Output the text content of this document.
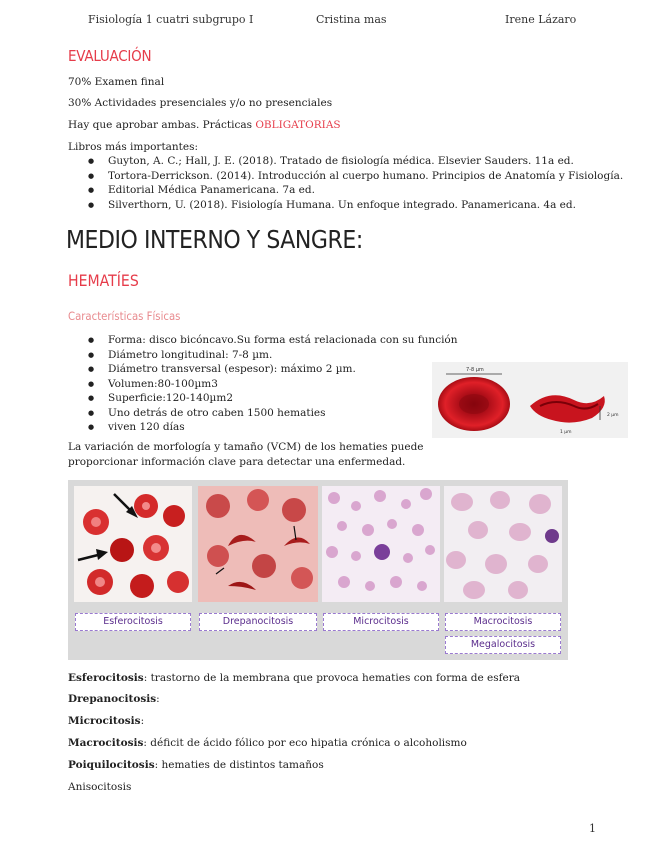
Fisiología 1 cuatri subgrupo I	Cristina mas	Irene Lázaro
EVALUACIÓN
70% Examen final
30% Actividades presenciales y/o no presenciales
Hay que aprobar ambas. Prácticas OBLIGATORIAS
Libros más importantes:
● Guyton, A. C.; Hall, J. E. (2018). Tratado de fisiología médica. Elsevier Sauders. 11a ed.
● Tortora-Derrickson. (2014). Introducción al cuerpo humano. Principios de Anatomía y Fisiología.
● Editorial Médica Panamericana. 7a ed.
● Silverthorn, U. (2018). Fisiología Humana. Un enfoque integrado. Panamericana. 4a ed.
MEDIO INTERNO Y SANGRE:
HEMATÍES
Características Físicas
● Forma: disco bicóncavo.Su forma está relacionada con su función
● Diámetro longitudinal: 7-8 µm.
● Diámetro transversal (espesor): máximo 2 µm.
● Volumen:80-100µm3
● Superficie:120-140µm2
● Uno detrás de otro caben 1500 hematies
● viven 120 días
7-8 µm
2 µm
1 µm
La variación de morfología y tamaño (VCM) de los hematies puede
proporcionar información clave para detectar una enfermedad.
Esferocitosis	Drepanocitosis	Microcitosis	Macrocitosis
Megalocitosis
Esferocitosis: trastorno de la membrana que provoca hematies con forma de esfera
Drepanocitosis:
Microcitosis:
Macrocitosis: déficit de ácido fólico por eco hipatia crónica o alcoholismo
Poiquilocitosis: hematies de distintos tamaños
Anisocitosis
1
